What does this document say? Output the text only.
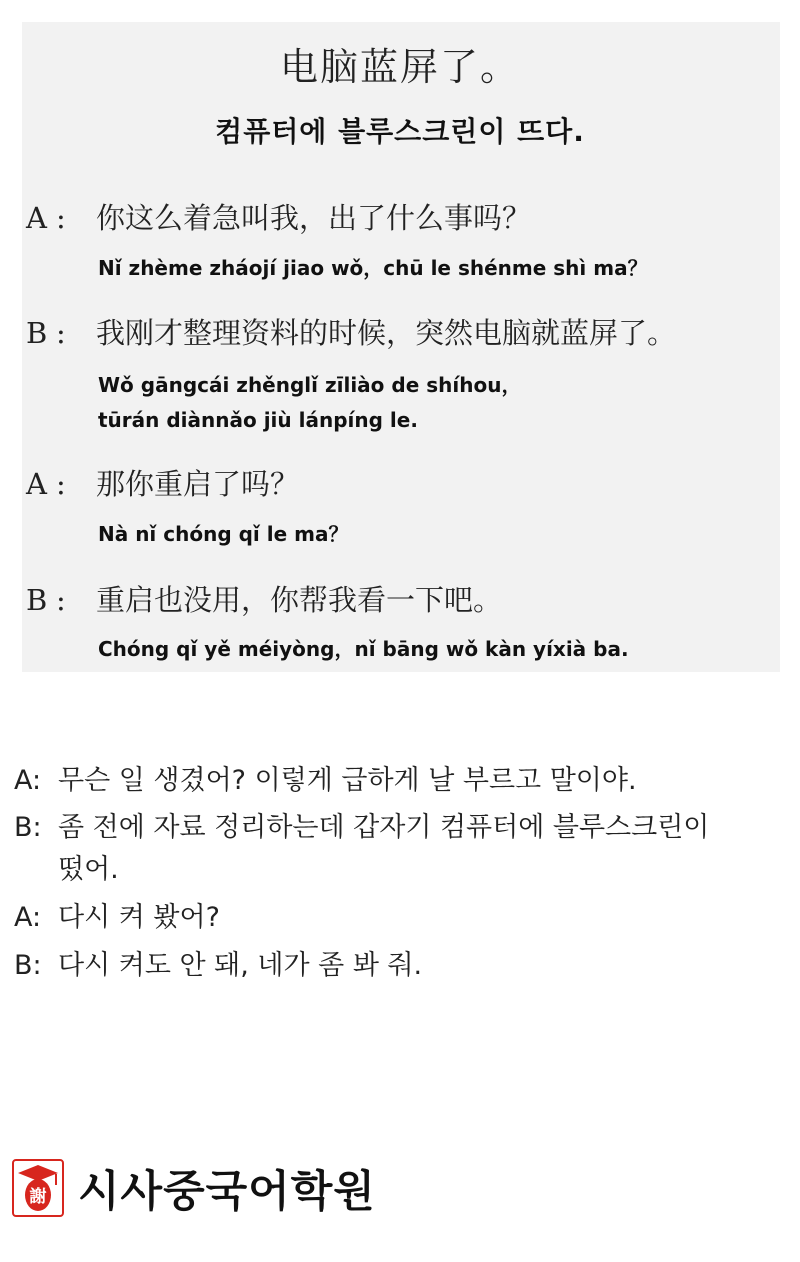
电脑蓝屏了。
컴퓨터에 블루스크린이 뜨다.
A : 你这么着急叫我，出了什么事吗？
Nǐ zhème zháojí jiao wǒ，chū le shénme shì ma？
B : 我刚才整理资料的时候，突然电脑就蓝屏了。
Wǒ gāngcái zhěnglǐ zīliào de shíhou，
tūrán diànnǎo jiù lánpíng le.
A : 那你重启了吗？
Nà nǐ chóng qǐ le ma？
B : 重启也没用，你帮我看一下吧。
Chóng qǐ yě méiyòng，nǐ bāng wǒ kàn yíxià ba.
A: 무슨 일 생겼어? 이렇게 급하게 날 부르고 말이야.
B: 좀 전에 자료 정리하는데 갑자기 컴퓨터에 블루스크린이
떴어.
A: 다시 켜 봤어?
B: 다시 켜도 안 돼, 네가 좀 봐 줘.
謝 시사중국어학원
